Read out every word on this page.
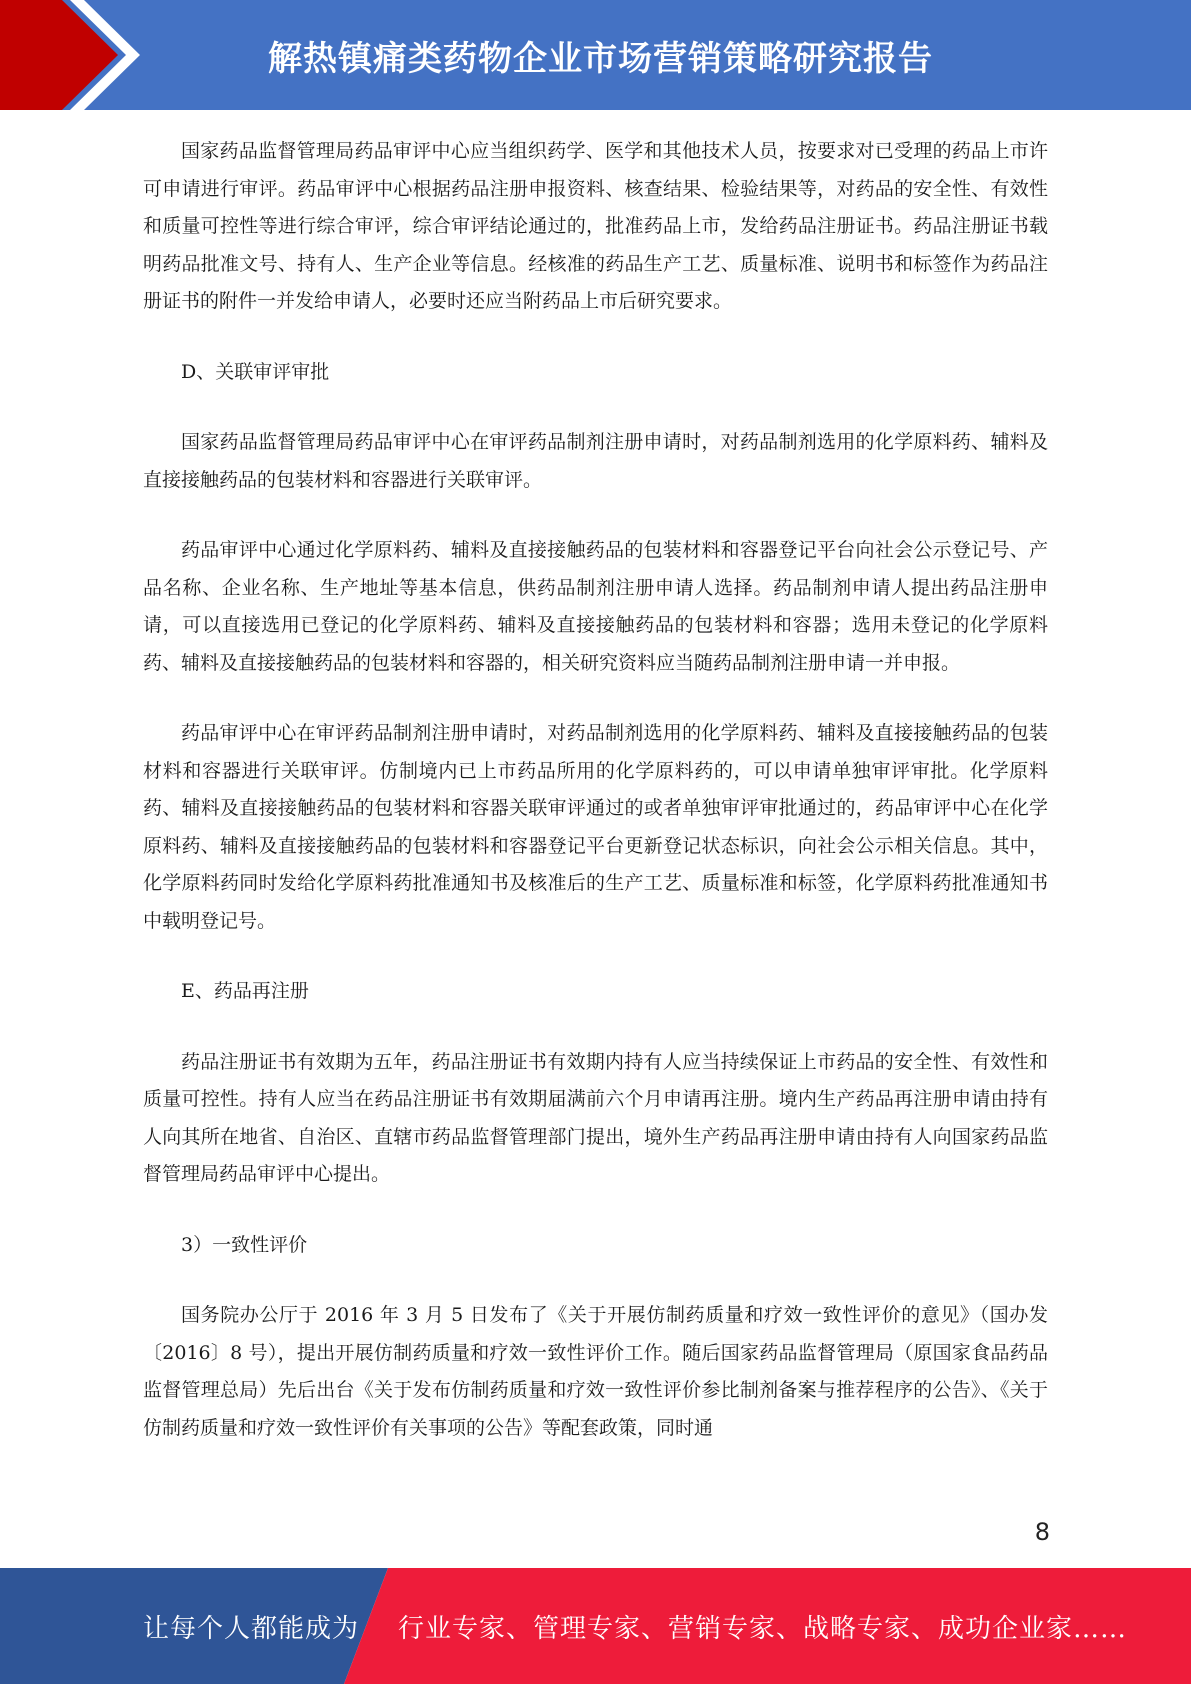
解热镇痛类药物企业市场营销策略研究报告

国家药品监督管理局药品审评中心应当组织药学、医学和其他技术人员，按要求对已受理的药品上市许可申请进行审评。药品审评中心根据药品注册申报资料、核查结果、检验结果等，对药品的安全性、有效性和质量可控性等进行综合审评，综合审评结论通过的，批准药品上市，发给药品注册证书。药品注册证书载明药品批准文号、持有人、生产企业等信息。经核准的药品生产工艺、质量标准、说明书和标签作为药品注册证书的附件一并发给申请人，必要时还应当附药品上市后研究要求。

D、关联审评审批

国家药品监督管理局药品审评中心在审评药品制剂注册申请时，对药品制剂选用的化学原料药、辅料及直接接触药品的包装材料和容器进行关联审评。

药品审评中心通过化学原料药、辅料及直接接触药品的包装材料和容器登记平台向社会公示登记号、产品名称、企业名称、生产地址等基本信息，供药品制剂注册申请人选择。药品制剂申请人提出药品注册申请，可以直接选用已登记的化学原料药、辅料及直接接触药品的包装材料和容器；选用未登记的化学原料药、辅料及直接接触药品的包装材料和容器的，相关研究资料应当随药品制剂注册申请一并申报。

药品审评中心在审评药品制剂注册申请时，对药品制剂选用的化学原料药、辅料及直接接触药品的包装材料和容器进行关联审评。仿制境内已上市药品所用的化学原料药的，可以申请单独审评审批。化学原料药、辅料及直接接触药品的包装材料和容器关联审评通过的或者单独审评审批通过的，药品审评中心在化学原料药、辅料及直接接触药品的包装材料和容器登记平台更新登记状态标识，向社会公示相关信息。其中，化学原料药同时发给化学原料药批准通知书及核准后的生产工艺、质量标准和标签，化学原料药批准通知书中载明登记号。

E、药品再注册

药品注册证书有效期为五年，药品注册证书有效期内持有人应当持续保证上市药品的安全性、有效性和质量可控性。持有人应当在药品注册证书有效期届满前六个月申请再注册。境内生产药品再注册申请由持有人向其所在地省、自治区、直辖市药品监督管理部门提出，境外生产药品再注册申请由持有人向国家药品监督管理局药品审评中心提出。

3）一致性评价

国务院办公厅于 2016 年 3 月 5 日发布了《关于开展仿制药质量和疗效一致性评价的意见》（国办发〔2016〕8 号），提出开展仿制药质量和疗效一致性评价工作。随后国家药品监督管理局（原国家食品药品监督管理总局）先后出台《关于发布仿制药质量和疗效一致性评价参比制剂备案与推荐程序的公告》、《关于仿制药质量和疗效一致性评价有关事项的公告》等配套政策，同时通

8
让每个人都能成为 行业专家、管理专家、营销专家、战略专家、成功企业家……
